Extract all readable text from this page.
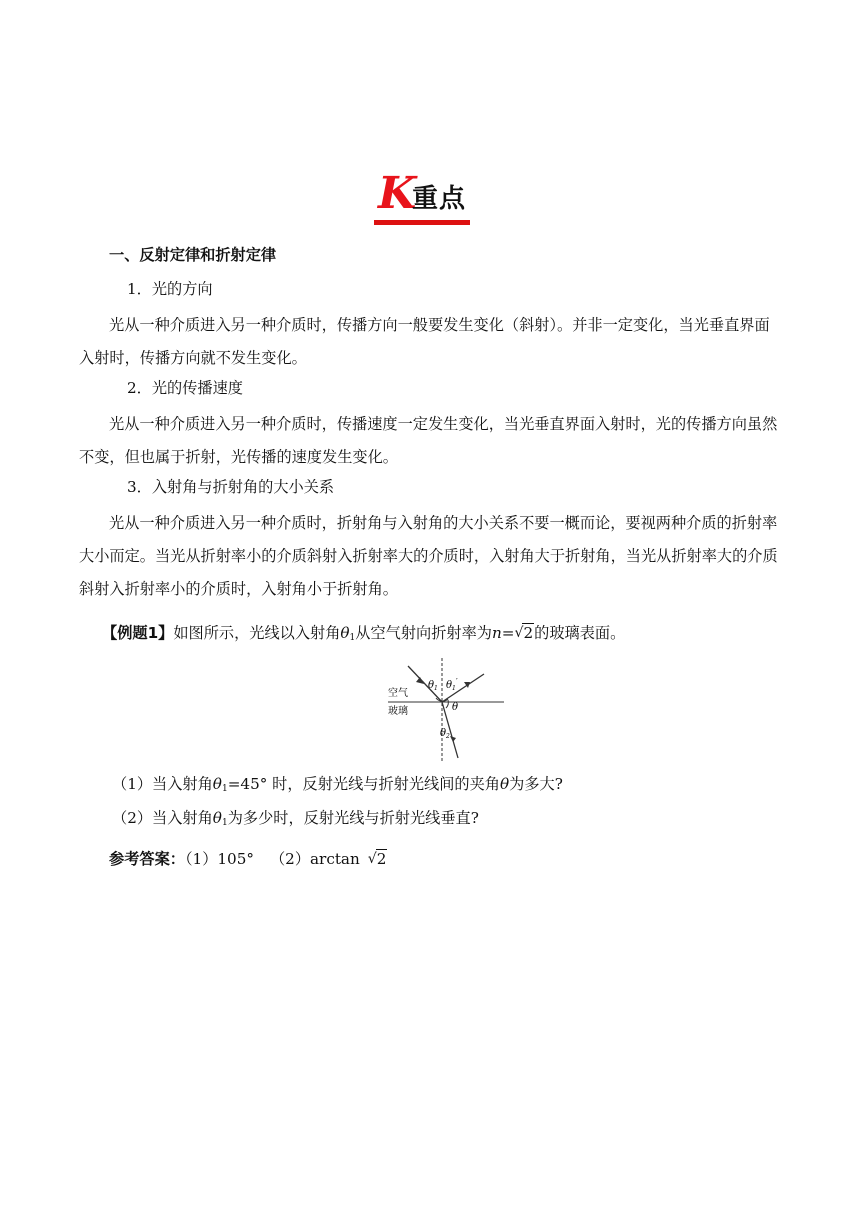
K
重点
一、反射定律和折射定律
1．光的方向
光从一种介质进入另一种介质时，传播方向一般要发生变化（斜射）。并非一定变化，当光垂直界面入射时，传播方向就不发生变化。
2．光的传播速度
光从一种介质进入另一种介质时，传播速度一定发生变化，当光垂直界面入射时，光的传播方向虽然不变，但也属于折射，光传播的速度发生变化。
3．入射角与折射角的大小关系
光从一种介质进入另一种介质时，折射角与入射角的大小关系不要一概而论，要视两种介质的折射率大小而定。当光从折射率小的介质斜射入折射率大的介质时，入射角大于折射角，当光从折射率大的介质斜射入折射率小的介质时，入射角小于折射角。
【例题1】如图所示，光线以入射角$\theta_1$从空气射向折射率为n= √ 2的玻璃表面。
空气
玻璃
$\theta_1$ $\theta_1'$
θ
$\theta_2$
（1）当入射角$\theta_1=45^\circ$ 时，反射光线与折射光线间的夹角θ为多大?
（2）当入射角$\theta_1$为多少时，反射光线与折射光线垂直?
参考答案：（1）105° （2）arctan √ 2
